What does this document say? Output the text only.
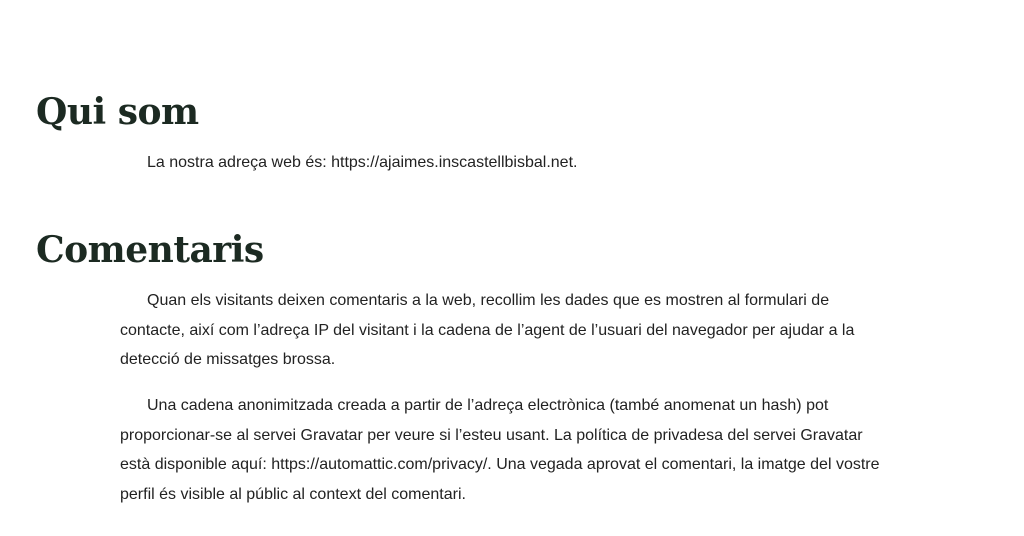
Qui som

La nostra adreça web és: https://ajaimes.inscastellbisbal.net.

Comentaris

Quan els visitants deixen comentaris a la web, recollim les dades que es mostren al formulari de contacte, així com l’adreça IP del visitant i la cadena de l’agent de l’usuari del navegador per ajudar a la detecció de missatges brossa.

Una cadena anonimitzada creada a partir de l’adreça electrònica (també anomenat un hash) pot proporcionar-se al servei Gravatar per veure si l’esteu usant. La política de privadesa del servei Gravatar està disponible aquí: https://automattic.com/privacy/. Una vegada aprovat el comentari, la imatge del vostre perfil és visible al públic al context del comentari.
